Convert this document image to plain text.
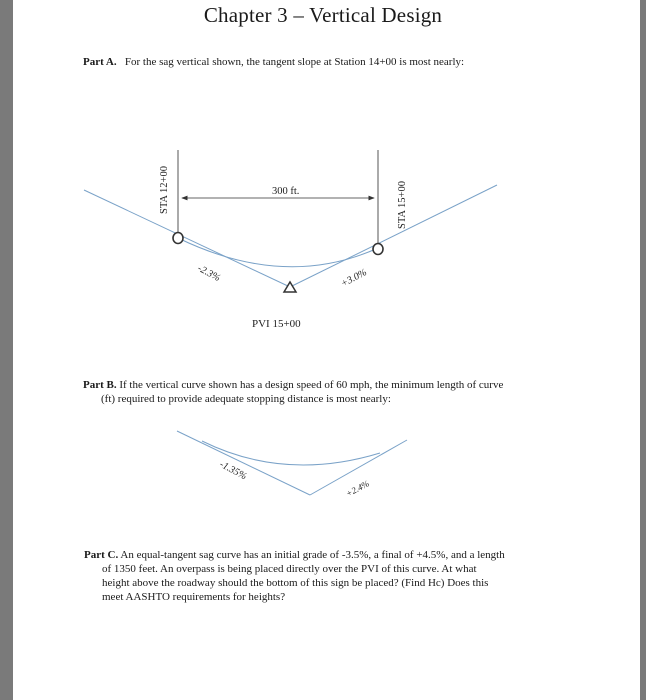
Chapter 3 – Vertical Design
Part A. For the sag vertical shown, the tangent slope at Station 14+00 is most nearly:
300 ft.
STA 12+00	STA 15+00
-2.3%	+3.0%
PVI 15+00
-1.35%
+2.4%
Part B. If the vertical curve shown has a design speed of 60 mph, the minimum length of curve
(ft) required to provide adequate stopping distance is most nearly:
Part C. An equal-tangent sag curve has an initial grade of -3.5%, a final of +4.5%, and a length
of 1350 feet. An overpass is being placed directly over the PVI of this curve. At what
height above the roadway should the bottom of this sign be placed? (Find Hc) Does this
meet AASHTO requirements for heights?
